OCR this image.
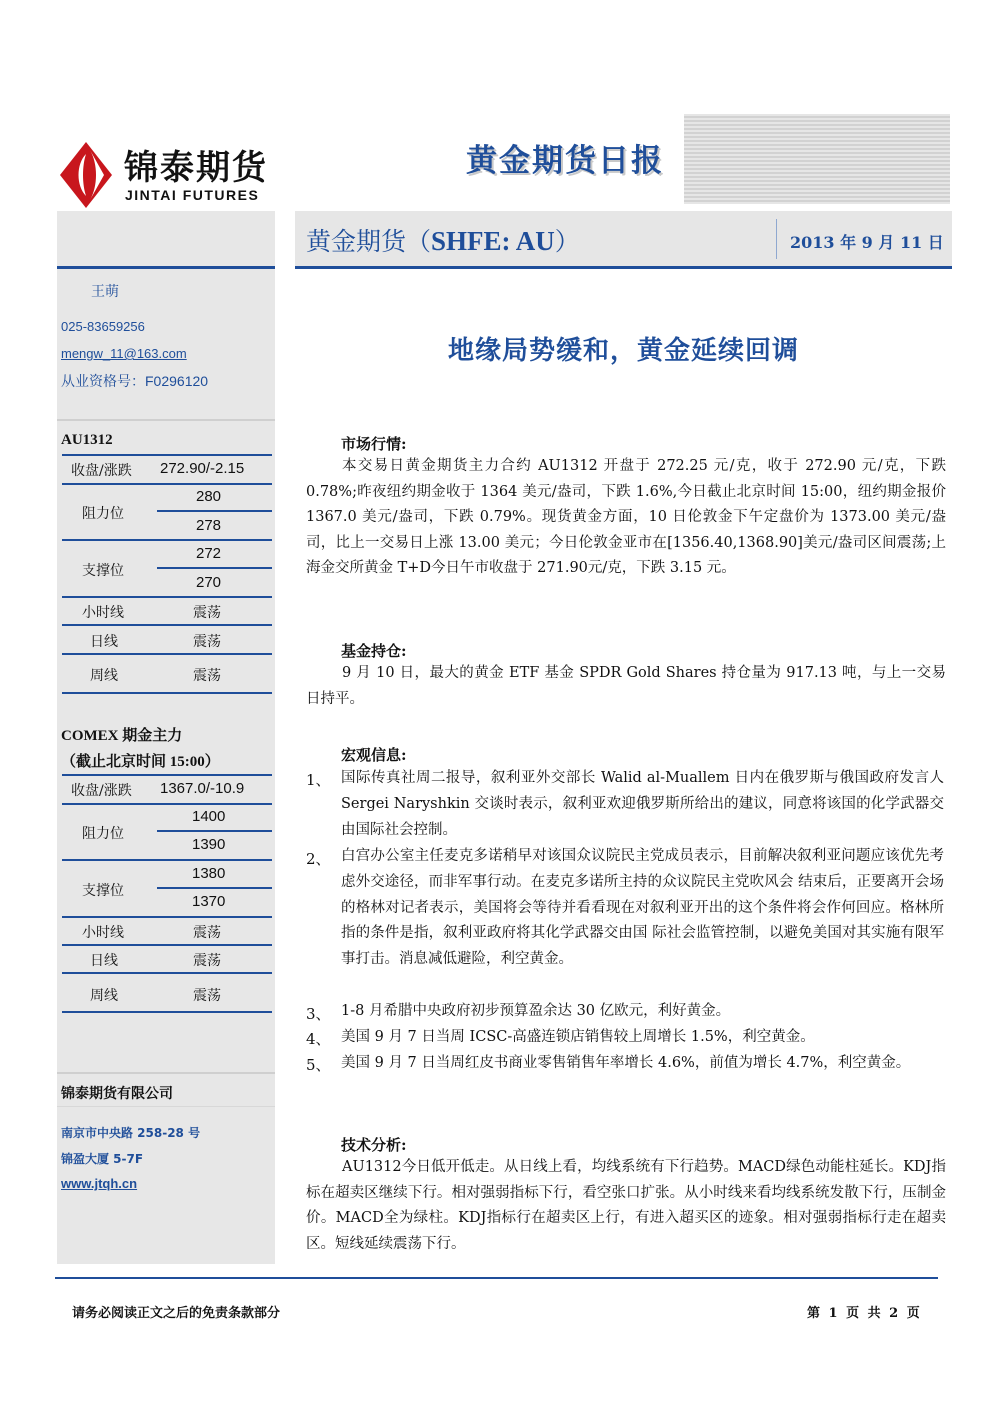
锦泰期货
JINTAI FUTURES
黄金期货日报
王萌
025-83659256
mengw_11@163.com
从业资格号：F0296120
AU1312
收盘/涨跌 272.90/-2.15
阻力位
280
278
支撑位
272
270
小时线	震荡
日线	震荡
周线	震荡
COMEX 期金主力
（截止北京时间 15:00）
收盘/涨跌 1367.0/-10.9
阻力位
1400
1390
支撑位
1380
1370
小时线	震荡
日线	震荡
周线	震荡
锦泰期货有限公司
南京市中央路 258-28 号
锦盈大厦 5-7F
www.jtqh.cn
黄金期货（SHFE: AU）	2013 年 9 月 11 日
地缘局势缓和，黄金延续回调
市场行情:
本交易日黄金期货主力合约 AU1312 开盘于 272.25 元/克，收于 272.90 元/克，下跌 0.78%;昨夜纽约期金收于 1364 美元/盎司，下跌 1.6%,今日截止北京时间 15:00，纽约期金报价 1367.0 美元/盎司，下跌 0.79%。现货黄金方面，10 日伦敦金下午定盘价为 1373.00 美元/盎司，比上一交易日上涨 13.00 美元；今日伦敦金亚市在[1356.40,1368.90]美元/盎司区间震荡;上海金交所黄金 T+D今日午市收盘于 271.90元/克，下跌 3.15 元。
基金持仓:
9 月 10 日，最大的黄金 ETF 基金 SPDR Gold Shares 持仓量为 917.13 吨，与上一交易日持平。
宏观信息:
1、 国际传真社周二报导，叙利亚外交部长 Walid al-Muallem 日内在俄罗斯与俄国政府发言人 Sergei Naryshkin 交谈时表示，叙利亚欢迎俄罗斯所给出的建议，同意将该国的化学武器交由国际社会控制。
2、 白宫办公室主任麦克多诺稍早对该国众议院民主党成员表示，目前解决叙利亚问题应该优先考虑外交途径，而非军事行动。在麦克多诺所主持的众议院民主党吹风会 结束后，正要离开会场的格林对记者表示，美国将会等待并看看现在对叙利亚开出的这个条件将会作何回应。格林所指的条件是指，叙利亚政府将其化学武器交由国 际社会监管控制，以避免美国对其实施有限军事打击。消息减低避险，利空黄金。
3、 1-8 月希腊中央政府初步预算盈余达 30 亿欧元，利好黄金。
4、 美国 9 月 7 日当周 ICSC-高盛连锁店销售较上周增长 1.5%，利空黄金。
5、 美国 9 月 7 日当周红皮书商业零售销售年率增长 4.6%，前值为增长 4.7%，利空黄金。
技术分析:
AU1312今日低开低走。从日线上看，均线系统有下行趋势。MACD绿色动能柱延长。KDJ指标在超卖区继续下行。相对强弱指标下行，看空张口扩张。从小时线来看均线系统发散下行，压制金价。MACD全为绿柱。KDJ指标行在超卖区上行，有进入超买区的迹象。相对强弱指标行走在超卖区。短线延续震荡下行。
请务必阅读正文之后的免责条款部分	第 1 页 共 2 页
